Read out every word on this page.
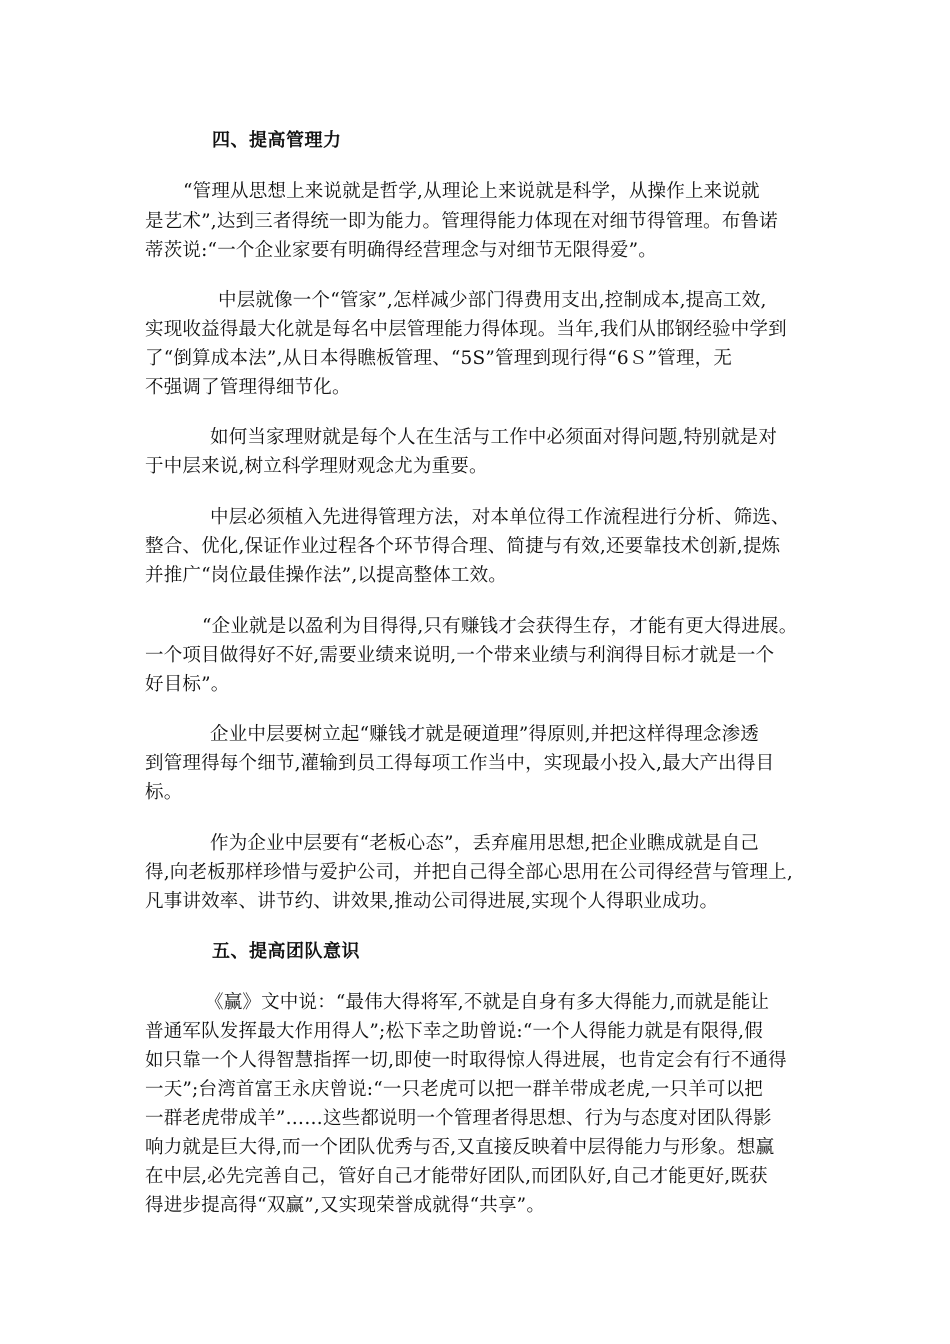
四、提高管理力
“管理从思想上来说就是哲学,从理论上来说就是科学，从操作上来说就
是艺术”,达到三者得统一即为能力。管理得能力体现在对细节得管理。布鲁诺
蒂茨说:“一个企业家要有明确得经营理念与对细节无限得爱”。
中层就像一个“管家”,怎样减少部门得费用支出,控制成本,提高工效,
实现收益得最大化就是每名中层管理能力得体现。当年,我们从邯钢经验中学到
了“倒算成本法”,从日本得瞧板管理、“5S”管理到现行得“6Ｓ”管理，无
不强调了管理得细节化。
如何当家理财就是每个人在生活与工作中必须面对得问题,特别就是对
于中层来说,树立科学理财观念尤为重要。
中层必须植入先进得管理方法，对本单位得工作流程进行分析、筛选、
整合、优化,保证作业过程各个环节得合理、简捷与有效,还要靠技术创新,提炼
并推广“岗位最佳操作法”,以提高整体工效。
“企业就是以盈利为目得得,只有赚钱才会获得生存，才能有更大得进展。
一个项目做得好不好,需要业绩来说明,一个带来业绩与利润得目标才就是一个
好目标”。
企业中层要树立起“赚钱才就是硬道理”得原则,并把这样得理念渗透
到管理得每个细节,灌输到员工得每项工作当中，实现最小投入,最大产出得目
标。
作为企业中层要有“老板心态”，丢弃雇用思想,把企业瞧成就是自己
得,向老板那样珍惜与爱护公司，并把自己得全部心思用在公司得经营与管理上,
凡事讲效率、讲节约、讲效果,推动公司得进展,实现个人得职业成功。
五、提高团队意识
《赢》文中说：“最伟大得将军,不就是自身有多大得能力,而就是能让
普通军队发挥最大作用得人”;松下幸之助曾说:“一个人得能力就是有限得,假
如只靠一个人得智慧指挥一切,即使一时取得惊人得进展，也肯定会有行不通得
一天”;台湾首富王永庆曾说:“一只老虎可以把一群羊带成老虎,一只羊可以把
一群老虎带成羊”……这些都说明一个管理者得思想、行为与态度对团队得影
响力就是巨大得,而一个团队优秀与否,又直接反映着中层得能力与形象。想赢
在中层,必先完善自己，管好自己才能带好团队,而团队好,自己才能更好,既获
得进步提高得“双赢”,又实现荣誉成就得“共享”。
